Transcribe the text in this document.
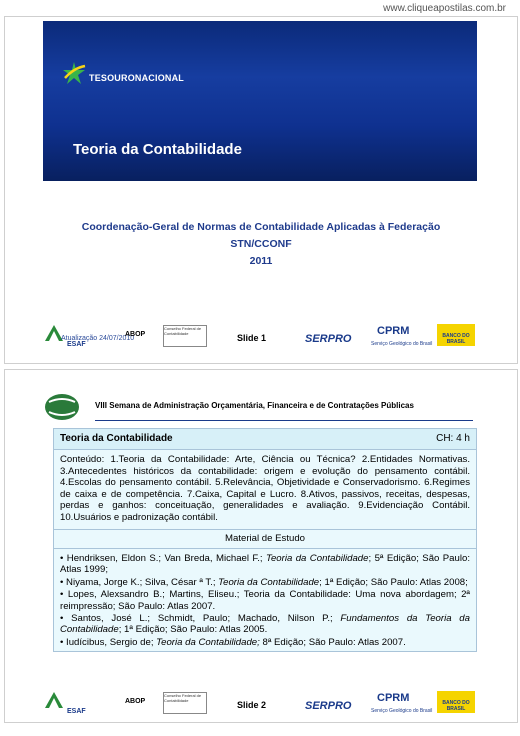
www.cliqueapostilas.com.br
TESOURONACIONAL
Teoria da Contabilidade
Coordenação-Geral de Normas de Contabilidade Aplicadas à Federação
STN/CCONF
2011
ESAF
Atualização 24/07/2010
ABOP
Conselho Federal de Contabilidade	Slide 1	SERPRO
CPRM
Serviço Geológico do Brasil
BANCO DO BRASIL
VIII Semana de Administração Orçamentária, Financeira e de Contratações Públicas
Teoria da Contabilidade	CH: 4 h
Conteúdo: 1.Teoria da Contabilidade: Arte, Ciência ou Técnica? 2.Entidades Normativas. 3.Antecedentes históricos da contabilidade: origem e evolução do pensamento contábil. 4.Escolas do pensamento contábil. 5.Relevância, Objetividade e Conservadorismo. 6.Regimes de caixa e de competência. 7.Caixa, Capital e Lucro. 8.Ativos, passivos, receitas, despesas, perdas e ganhos: conceituação, generalidades e avaliação. 9.Evidenciação Contábil. 10.Usuários e padronização contábil.
Material de Estudo

• Hendriksen, Eldon S.; Van Breda, Michael F.; Teoria da Contabilidade; 5ª Edição; São Paulo: Atlas 1999;

• Niyama, Jorge K.; Silva, César ª T.; Teoria da Contabilidade; 1ª Edição; São Paulo: Atlas 2008;

• Lopes, Alexsandro B.; Martins, Eliseu.; Teoria da Contabilidade: Uma nova abordagem; 2ª reimpressão; São Paulo: Atlas 2007.

• Santos, José L.; Schmidt, Paulo; Machado, Nilson P.; Fundamentos da Teoria da Contabilidade; 1ª Edição; São Paulo: Atlas 2005.

• Iudícibus, Sergio de; Teoria da Contabilidade; 8ª Edição; São Paulo: Atlas 2007.

ESAF
ABOP
Conselho Federal de Contabilidade	Slide 2	SERPRO
CPRM
Serviço Geológico do Brasil
BANCO DO BRASIL
